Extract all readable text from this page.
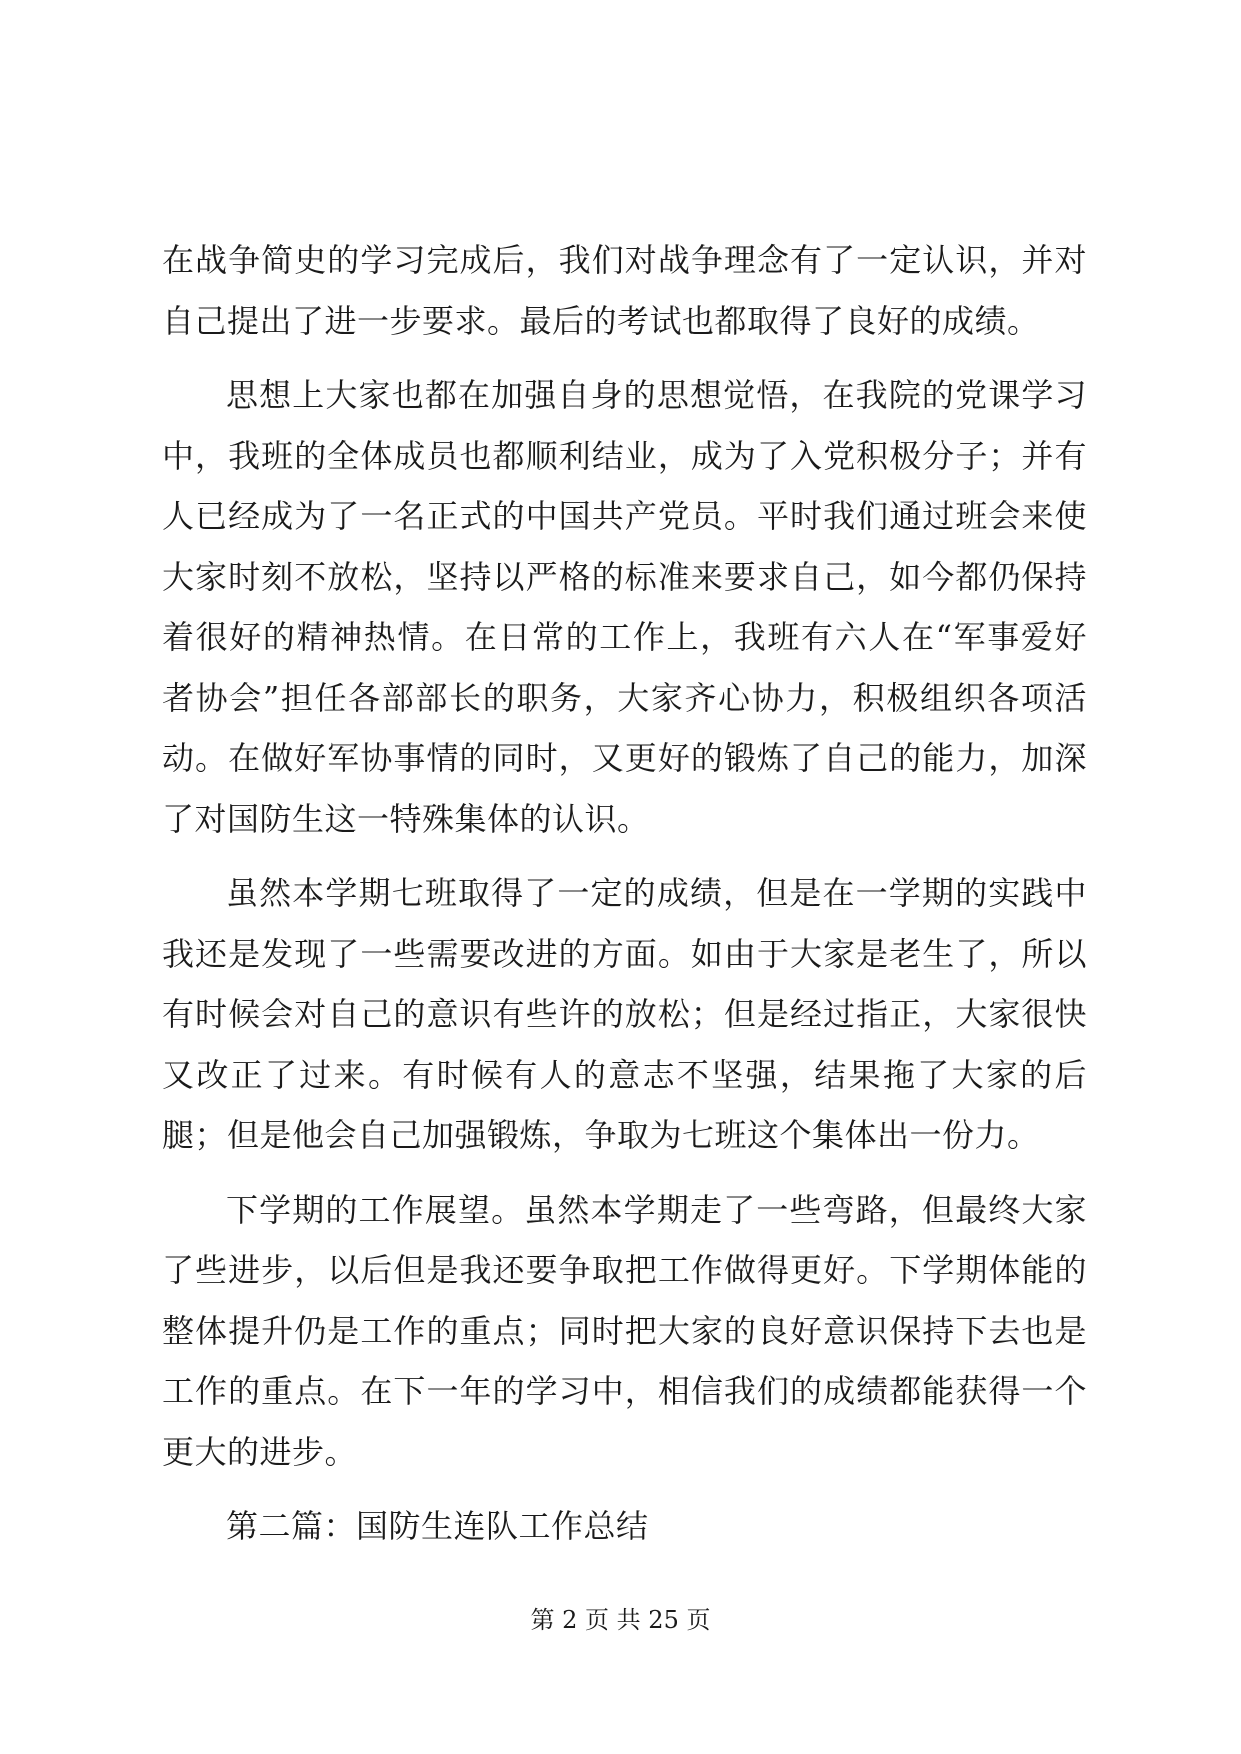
在战争简史的学习完成后，我们对战争理念有了一定认识，并对自己提出了进一步要求。最后的考试也都取得了良好的成绩。

思想上大家也都在加强自身的思想觉悟，在我院的党课学习中，我班的全体成员也都顺利结业，成为了入党积极分子；并有人已经成为了一名正式的中国共产党员。平时我们通过班会来使大家时刻不放松，坚持以严格的标准来要求自己，如今都仍保持着很好的精神热情。在日常的工作上，我班有六人在“军事爱好者协会”担任各部部长的职务，大家齐心协力，积极组织各项活动。在做好军协事情的同时，又更好的锻炼了自己的能力，加深了对国防生这一特殊集体的认识。

虽然本学期七班取得了一定的成绩，但是在一学期的实践中我还是发现了一些需要改进的方面。如由于大家是老生了，所以有时候会对自己的意识有些许的放松；但是经过指正，大家很快又改正了过来。有时候有人的意志不坚强，结果拖了大家的后腿；但是他会自己加强锻炼，争取为七班这个集体出一份力。

下学期的工作展望。虽然本学期走了一些弯路，但最终大家了些进步，以后但是我还要争取把工作做得更好。下学期体能的整体提升仍是工作的重点；同时把大家的良好意识保持下去也是工作的重点。在下一年的学习中，相信我们的成绩都能获得一个更大的进步。

第二篇：国防生连队工作总结

第 2 页 共 25 页
